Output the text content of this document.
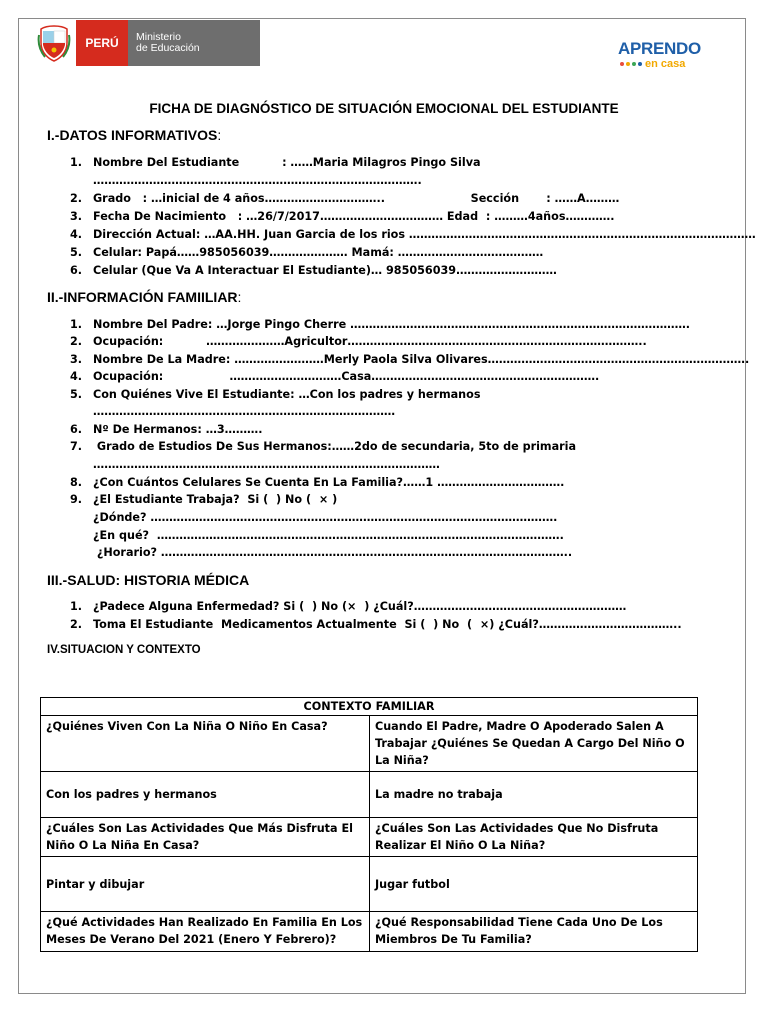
PERÚ	Ministerio
de Educación	APRENDO
en casa
FICHA DE DIAGNÓSTICO DE SITUACIÓN EMOCIONAL DEL ESTUDIANTE
I.-DATOS INFORMATIVOS:
1. Nombre Del Estudiante           : ……Maria Milagros Pingo Silva
…………………………………………………………………………….
2. Grado   : …inicial de 4 años…………………………..                      Sección       : ……A………
3. Fecha De Nacimiento   : …26/7/2017…………………………… Edad  : ………4años………….
4. Dirección Actual: …AA.HH. Juan Garcia de los rios …………………………………………………………………………………
5. Celular: Papá……985056039………………… Mamá: …………………………………
6. Celular (Que Va A Interactuar El Estudiante)… 985056039………………………
II.-INFORMACIÓN FAMIILIAR:
1. Nombre Del Padre: …Jorge Pingo Cherre ……………………………………………………………………………….
2. Ocupación:           …………………Agricultor……………………………………………………………………..
3. Nombre De La Madre: ……………………Merly Paola Silva Olivares…………………………………………………………….
4. Ocupación:                 …………………………Casa…………………………………………………….
5. Con Quiénes Vive El Estudiante: …Con los padres y hermanos
………………………………………………………………………
6. Nº De Hermanos: …3……….
7. Grado de Estudios De Sus Hermanos:……2do de secundaria, 5to de primaria
…………………………………………………………………………………
8. ¿Con Cuántos Celulares Se Cuenta En La Familia?……1 …………………………….
9. ¿El Estudiante Trabaja?  Si (  ) No (  × )
¿Dónde? ……………………………………………………………………………………………….
¿En qué?  ……………………………………………………………………………………………….
¿Horario? ………………………………………………………………………………………………..
III.-SALUD: HISTORIA MÉDICA
1. ¿Padece Alguna Enfermedad? Si (  ) No (×  ) ¿Cuál?…………………………………………………
2. Toma El Estudiante  Medicamentos Actualmente  Si (  ) No  (  ×) ¿Cuál?………………………………..
IV.SITUACION Y CONTEXTO
CONTEXTO FAMILIAR	
¿Quiénes Viven Con La Niña O Niño En Casa?	Cuando El Padre, Madre O Apoderado Salen A Trabajar ¿Quiénes Se Quedan A Cargo Del Niño O La Niña?
Con los padres y hermanos	La madre no trabaja
¿Cuáles Son Las Actividades Que Más Disfruta El Niño O La Niña En Casa?	¿Cuáles Son Las Actividades Que No Disfruta Realizar El Niño O La Niña?
Pintar y dibujar	Jugar futbol
¿Qué Actividades Han Realizado En Familia En Los Meses De Verano Del 2021 (Enero Y Febrero)?	¿Qué Responsabilidad Tiene Cada Uno De Los Miembros De Tu Familia?
